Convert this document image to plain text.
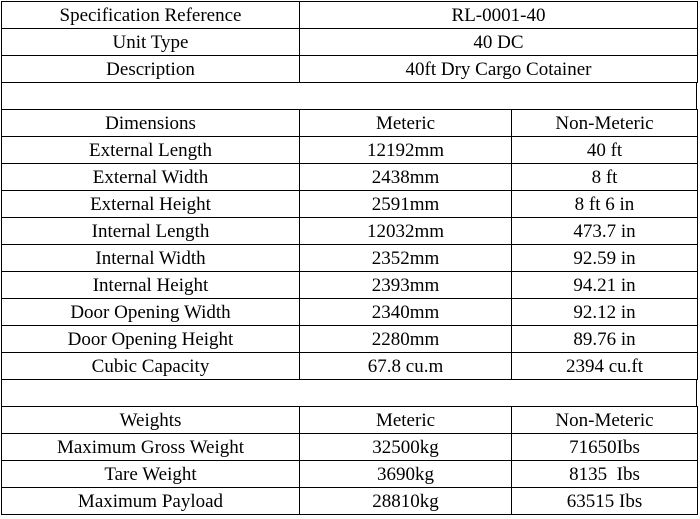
Specification Reference	RL-0001-40
Unit Type	40 DC
Description	40ft Dry Cargo Cotainer
Dimensions	Meteric	Non-Meteric
External Length	12192mm	40 ft
External Width	2438mm	8 ft
External Height	2591mm	8 ft 6 in
Internal Length	12032mm	473.7 in
Internal Width	2352mm	92.59 in
Internal Height	2393mm	94.21 in
Door Opening Width	2340mm	92.12 in
Door Opening Height	2280mm	89.76 in
Cubic Capacity	67.8 cu.m	2394 cu.ft
Weights	Meteric	Non-Meteric
Maximum Gross Weight	32500kg	71650Ibs
Tare Weight	3690kg	8135  Ibs
Maximum Payload	28810kg	63515 Ibs
